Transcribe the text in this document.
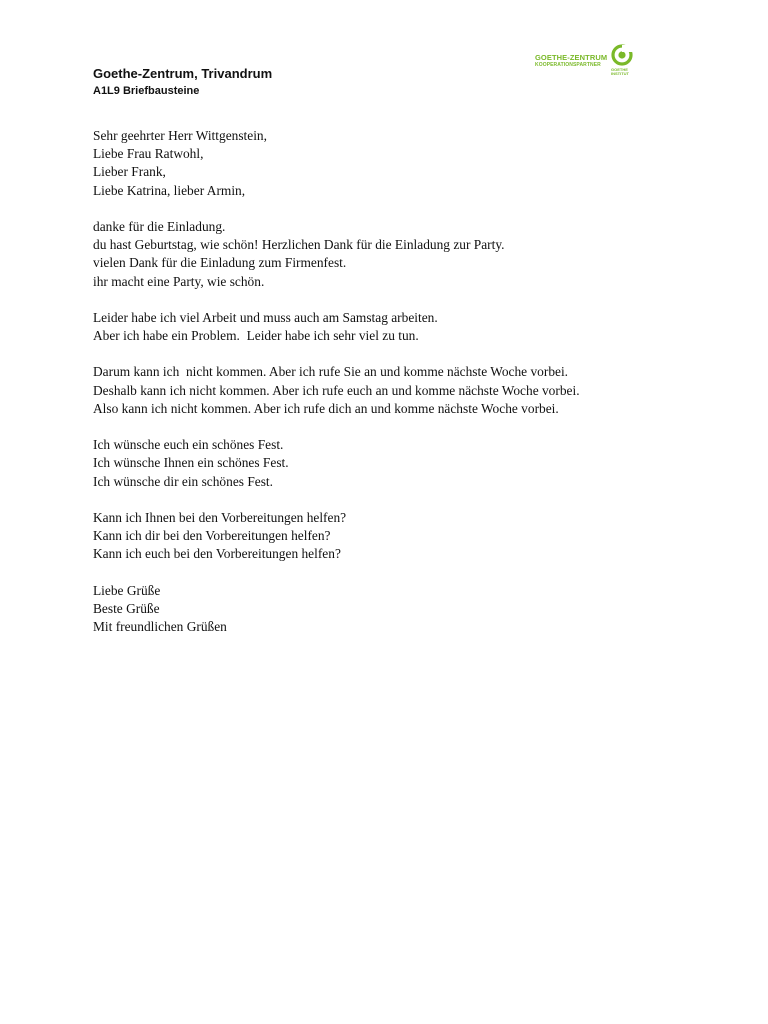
Goethe-Zentrum, Trivandrum
A1L9 Briefbausteine
GOETHE-ZENTRUM
KOOPERATIONSPARTNER
GOETHE
INSTITUT
Sehr geehrter Herr Wittgenstein,
Liebe Frau Ratwohl,
Lieber Frank,
Liebe Katrina, lieber Armin,
danke für die Einladung.
du hast Geburtstag, wie schön! Herzlichen Dank für die Einladung zur Party.
vielen Dank für die Einladung zum Firmenfest.
ihr macht eine Party, wie schön.
Leider habe ich viel Arbeit und muss auch am Samstag arbeiten.
Aber ich habe ein Problem.  Leider habe ich sehr viel zu tun.
Darum kann ich  nicht kommen. Aber ich rufe Sie an und komme nächste Woche vorbei.
Deshalb kann ich nicht kommen. Aber ich rufe euch an und komme nächste Woche vorbei.
Also kann ich nicht kommen. Aber ich rufe dich an und komme nächste Woche vorbei.
Ich wünsche euch ein schönes Fest.
Ich wünsche Ihnen ein schönes Fest.
Ich wünsche dir ein schönes Fest.
Kann ich Ihnen bei den Vorbereitungen helfen?
Kann ich dir bei den Vorbereitungen helfen?
Kann ich euch bei den Vorbereitungen helfen?
Liebe Grüße
Beste Grüße
Mit freundlichen Grüßen
